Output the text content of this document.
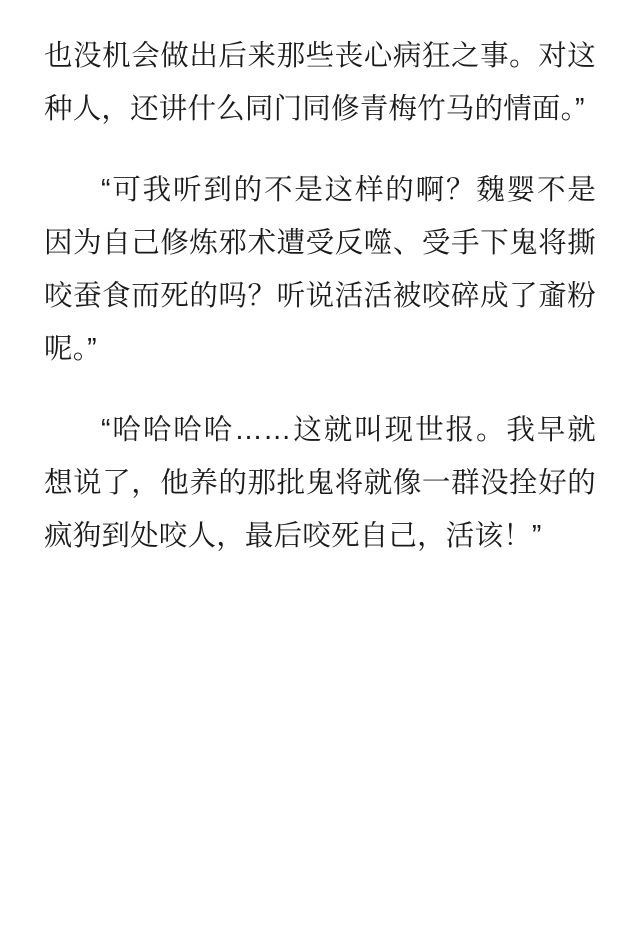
也没机会做出后来那些丧心病狂之事。对这种人，还讲什么同门同修青梅竹马的情面。”

“可我听到的不是这样的啊？魏婴不是因为自己修炼邪术遭受反噬、受手下鬼将撕咬蚕食而死的吗？听说活活被咬碎成了齑粉呢。”

“哈哈哈哈……这就叫现世报。我早就想说了，他养的那批鬼将就像一群没拴好的疯狗到处咬人，最后咬死自己，活该！”
